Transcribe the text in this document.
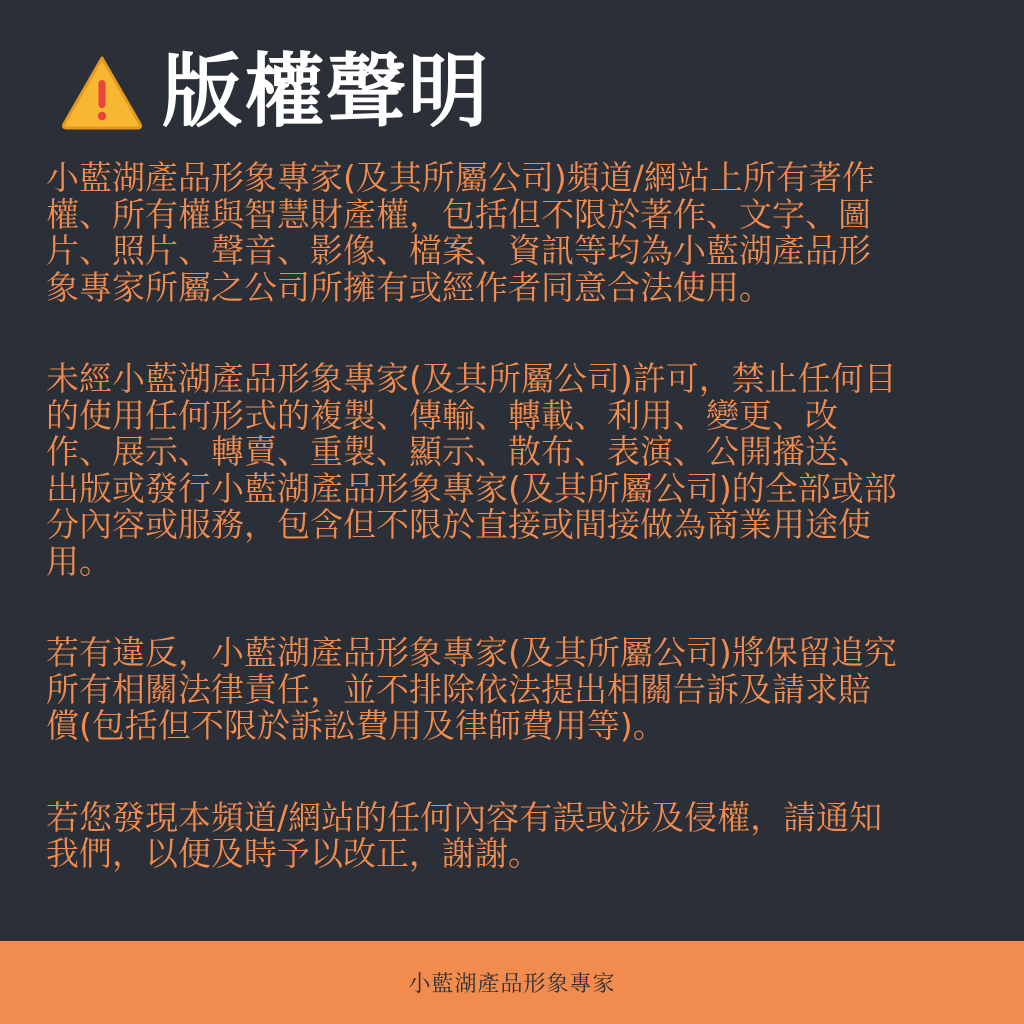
版權聲明

小藍湖產品形象專家(及其所屬公司)頻道/網站上所有著作
權、所有權與智慧財產權，包括但不限於著作、文字、圖
片、照片、聲音、影像、檔案、資訊等均為小藍湖產品形
象專家所屬之公司所擁有或經作者同意合法使用。

未經小藍湖產品形象專家(及其所屬公司)許可，禁止任何目
的使用任何形式的複製、傳輸、轉載、利用、變更、改
作、展示、轉賣、重製、顯示、散布、表演、公開播送、
出版或發行小藍湖產品形象專家(及其所屬公司)的全部或部
分內容或服務，包含但不限於直接或間接做為商業用途使
用。

若有違反，小藍湖產品形象專家(及其所屬公司)將保留追究
所有相關法律責任，並不排除依法提出相關告訴及請求賠
償(包括但不限於訴訟費用及律師費用等)。

若您發現本頻道/網站的任何內容有誤或涉及侵權，請通知
我們，以便及時予以改正，謝謝。

小藍湖產品形象專家
